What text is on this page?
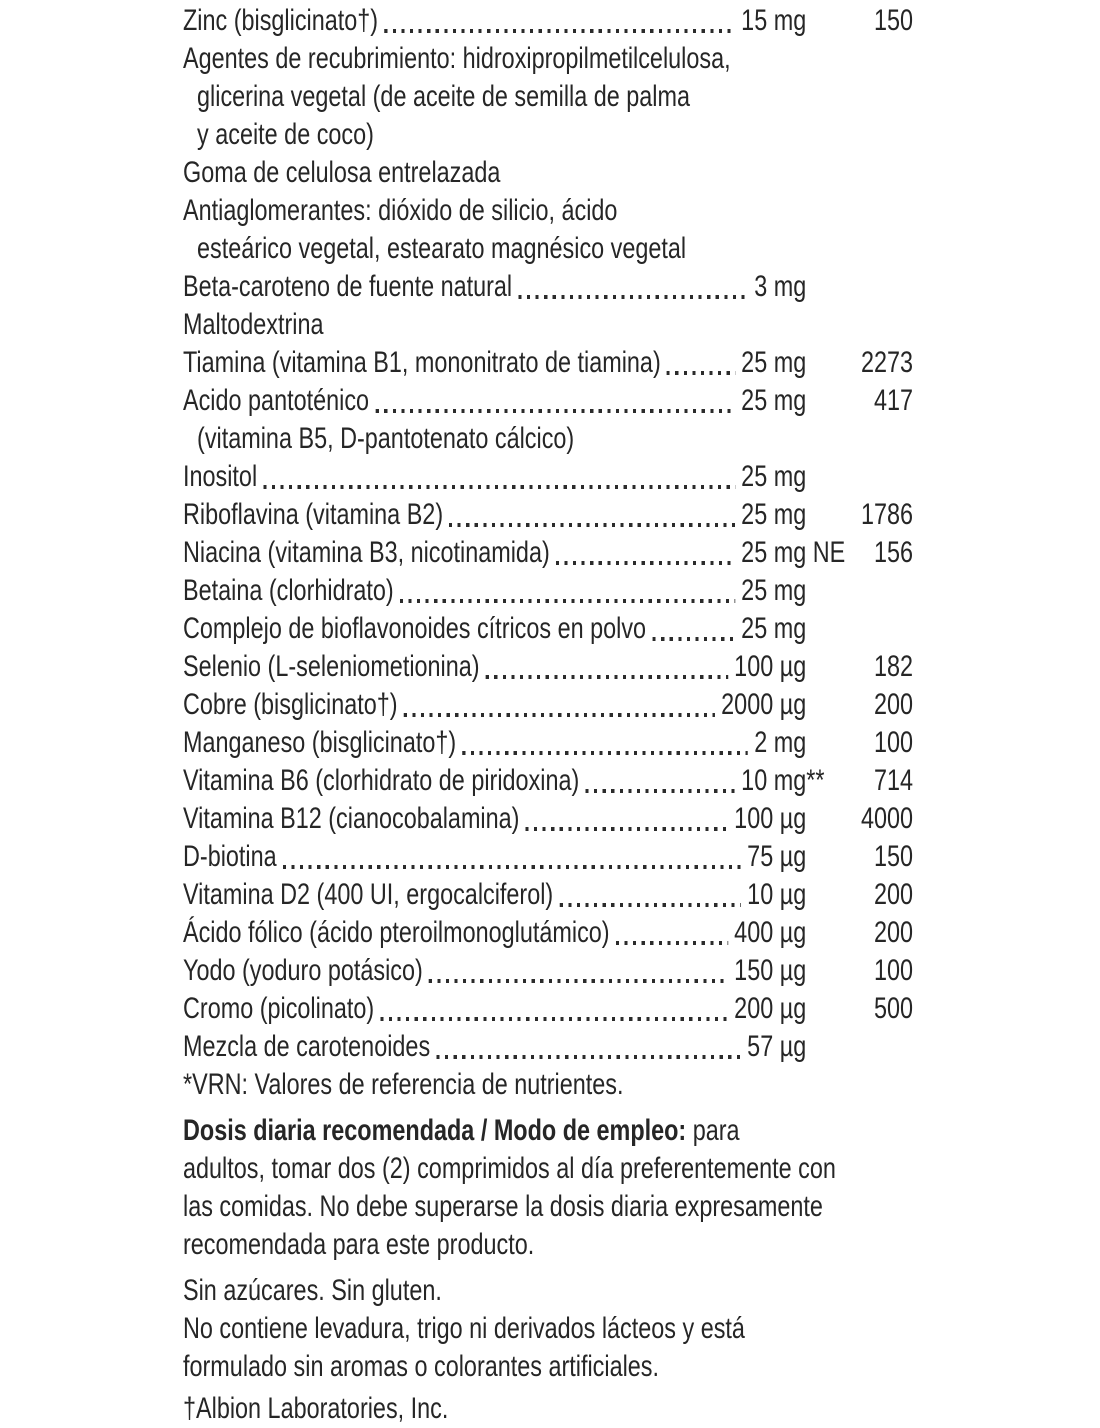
Zinc (bisglicinato†)	15 mg	150
Agentes de recubrimiento: hidroxipropilmetilcelulosa,
glicerina vegetal (de aceite de semilla de palma
y aceite de coco)
Goma de celulosa entrelazada
Antiaglomerantes: dióxido de silicio, ácido
esteárico vegetal, estearato magnésico vegetal
Beta-caroteno de fuente natural	3 mg
Maltodextrina
Tiamina (vitamina B1, mononitrato de tiamina)	25 mg	2273
Acido pantoténico	25 mg	417
(vitamina B5, D-pantotenato cálcico)
Inositol	25 mg
Riboflavina (vitamina B2)	25 mg	1786
Niacina (vitamina B3, nicotinamida)	25 mg NE 156
Betaina (clorhidrato)	25 mg
Complejo de bioflavonoides cítricos en polvo	25 mg
Selenio (L-seleniometionina)	100 µg	182
Cobre (bisglicinato†)	2000 µg	200
Manganeso (bisglicinato†)	2 mg	100
Vitamina B6 (clorhidrato de piridoxina)	10 mg **	714
Vitamina B12 (cianocobalamina)	100 µg	4000
D-biotina	75 µg	150
Vitamina D2 (400 UI, ergocalciferol)	10 µg	200
Ácido fólico (ácido pteroilmonoglutámico)	400 µg	200
Yodo (yoduro potásico)	150 µg	100
Cromo (picolinato)	200 µg	500
Mezcla de carotenoides	57 µg
*VRN: Valores de referencia de nutrientes.
Dosis diaria recomendada / Modo de empleo: para
adultos, tomar dos (2) comprimidos al día preferentemente con
las comidas. No debe superarse la dosis diaria expresamente
recomendada para este producto.
Sin azúcares. Sin gluten.
No contiene levadura, trigo ni derivados lácteos y está
formulado sin aromas o colorantes artificiales.
†Albion Laboratories, Inc.
